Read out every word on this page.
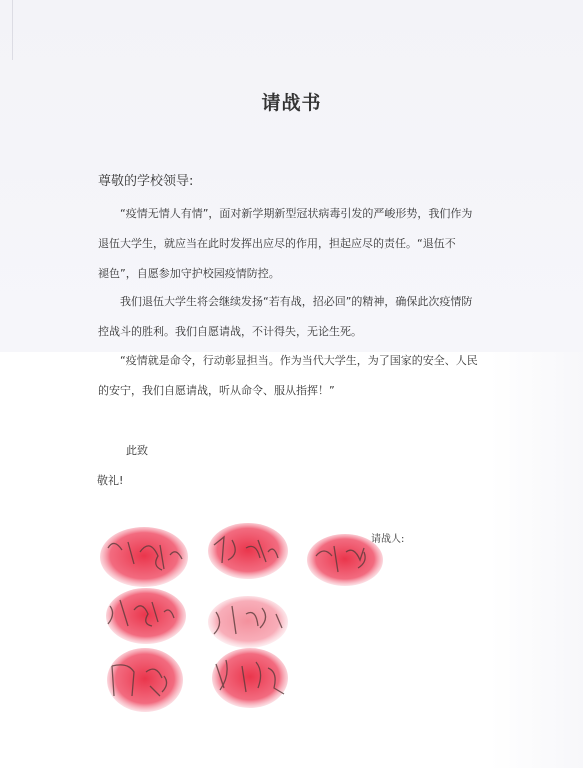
请战书
尊敬的学校领导:
“疫情无情人有情”，面对新学期新型冠状病毒引发的严峻形势，我们作为
退伍大学生，就应当在此时发挥出应尽的作用，担起应尽的责任。“退伍不
褪色”，自愿参加守护校园疫情防控。
我们退伍大学生将会继续发扬“若有战，招必回”的精神，确保此次疫情防
控战斗的胜利。我们自愿请战，不计得失，无论生死。
“疫情就是命令，行动彰显担当。作为当代大学生，为了国家的安全、人民
的安宁，我们自愿请战，听从命令、服从指挥！”
此致
敬礼!
请战人:
